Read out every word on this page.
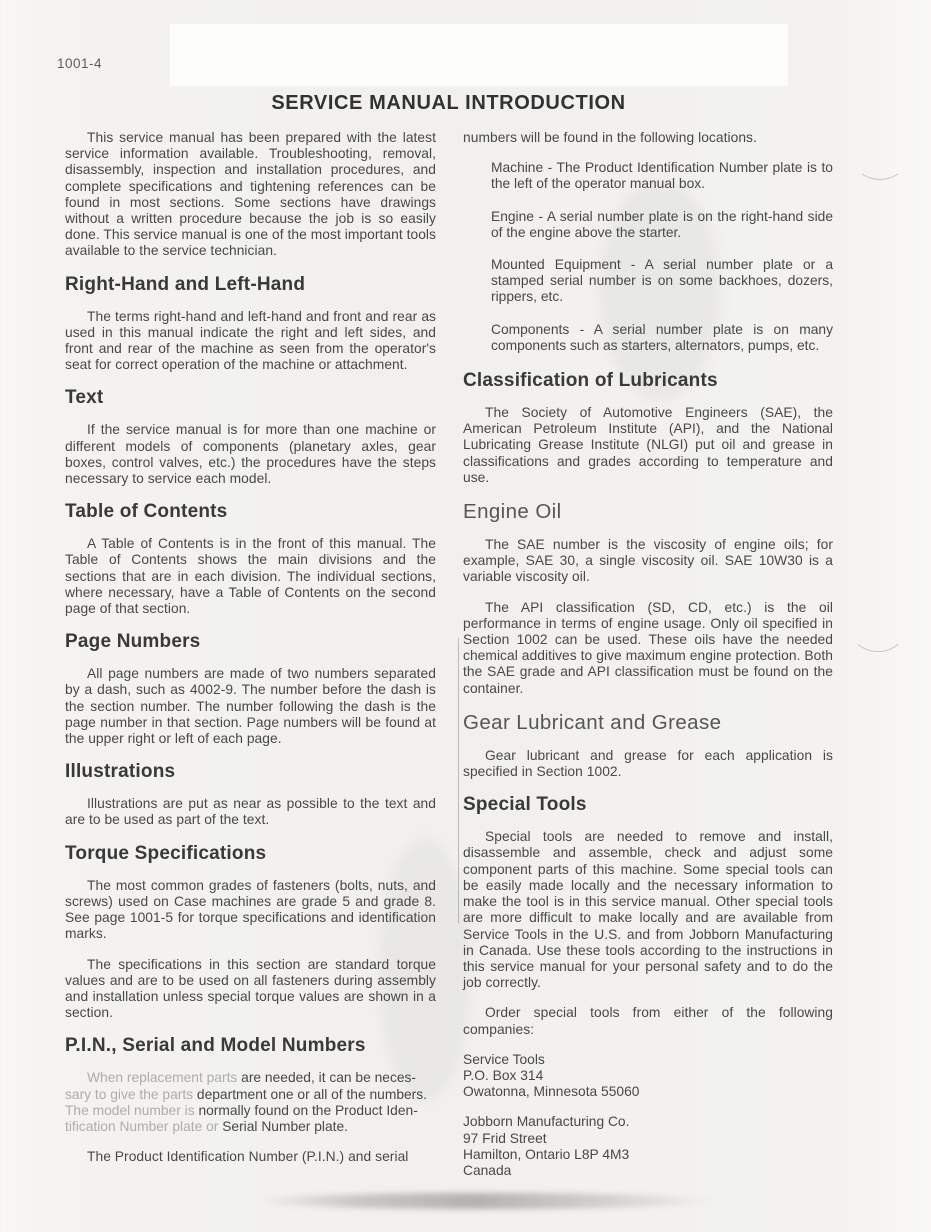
1001-4
SERVICE MANUAL INTRODUCTION

This service manual has been prepared with the latest service information available. Troubleshooting, removal, disassembly, inspection and installation procedures, and complete specifications and tightening references can be found in most sections. Some sections have drawings without a written procedure because the job is so easily done. This service manual is one of the most important tools available to the service technician.

Right-Hand and Left-Hand

The terms right-hand and left-hand and front and rear as used in this manual indicate the right and left sides, and front and rear of the machine as seen from the operator's seat for correct operation of the machine or attachment.

Text

If the service manual is for more than one machine or different models of components (planetary axles, gear boxes, control valves, etc.) the procedures have the steps necessary to service each model.

Table of Contents

A Table of Contents is in the front of this manual. The Table of Contents shows the main divisions and the sections that are in each division. The individual sections, where necessary, have a Table of Contents on the second page of that section.

Page Numbers

All page numbers are made of two numbers separated by a dash, such as 4002-9. The number before the dash is the section number. The number following the dash is the page number in that section. Page numbers will be found at the upper right or left of each page.

Illustrations

Illustrations are put as near as possible to the text and are to be used as part of the text.

Torque Specifications

The most common grades of fasteners (bolts, nuts, and screws) used on Case machines are grade 5 and grade 8. See page 1001-5 for torque specifications and identification marks.

The specifications in this section are standard torque values and are to be used on all fasteners during assembly and installation unless special torque values are shown in a section.

P.I.N., Serial and Model Numbers
When replacement parts are needed, it can be neces-
sary to give the parts department one or all of the numbers.
The model number is normally found on the Product Iden-
tification Number plate or Serial Number plate.

The Product Identification Number (P.I.N.) and serial

numbers will be found in the following locations.

Machine - The Product Identification Number plate is to the left of the operator manual box.
Engine - A serial number plate is on the right-hand side of the engine above the starter.
Mounted Equipment - A serial number plate or a stamped serial number is on some backhoes, dozers, rippers, etc.
Components - A serial number plate is on many components such as starters, alternators, pumps, etc.
Classification of Lubricants

The Society of Automotive Engineers (SAE), the American Petroleum Institute (API), and the National Lubricating Grease Institute (NLGI) put oil and grease in classifications and grades according to temperature and use.

Engine Oil

The SAE number is the viscosity of engine oils; for example, SAE 30, a single viscosity oil. SAE 10W30 is a variable viscosity oil.

The API classification (SD, CD, etc.) is the oil performance in terms of engine usage. Only oil specified in Section 1002 can be used. These oils have the needed chemical additives to give maximum engine protection. Both the SAE grade and API classification must be found on the container.

Gear Lubricant and Grease

Gear lubricant and grease for each application is specified in Section 1002.

Special Tools

Special tools are needed to remove and install, disassemble and assemble, check and adjust some component parts of this machine. Some special tools can be easily made locally and the necessary information to make the tool is in this service manual. Other special tools are more difficult to make locally and are available from Service Tools in the U.S. and from Jobborn Manufacturing in Canada. Use these tools according to the instructions in this service manual for your personal safety and to do the job correctly.

Order special tools from either of the following companies:

Service Tools
P.O. Box 314
Owatonna, Minnesota 55060
Jobborn Manufacturing Co.
97 Frid Street
Hamilton, Ontario L8P 4M3
Canada
